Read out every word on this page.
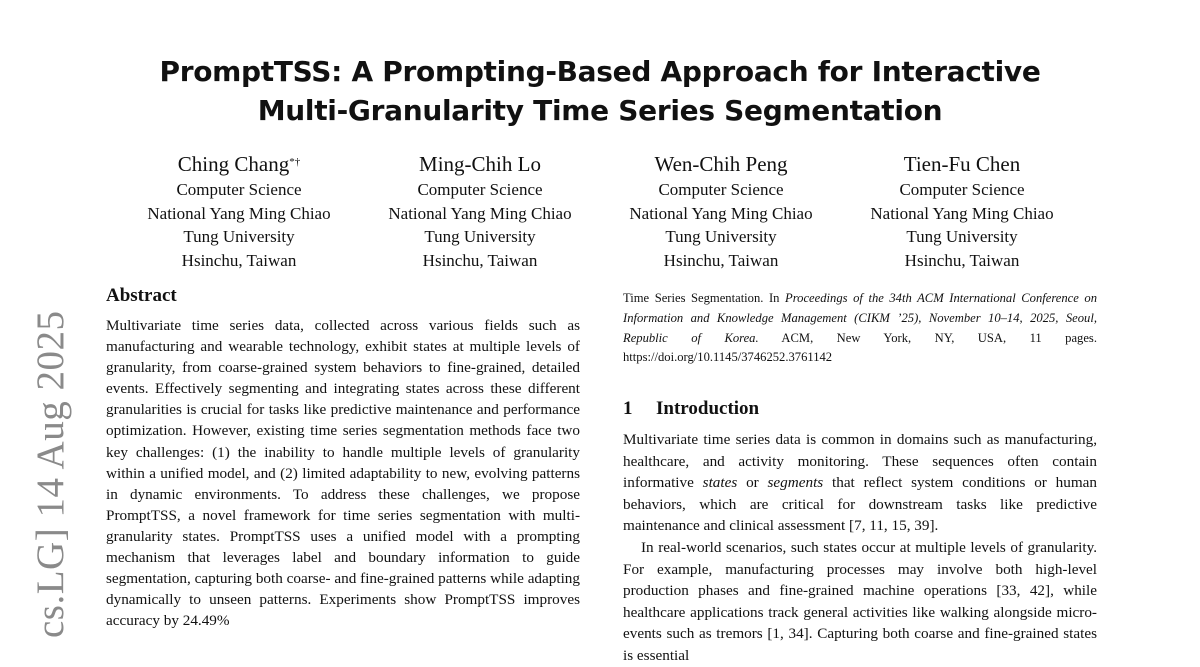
PromptTSS: A Prompting-Based Approach for Interactive
Multi-Granularity Time Series Segmentation
Ching Chang*†
Computer Science
National Yang Ming Chiao
Tung University
Hsinchu, Taiwan
Ming-Chih Lo
Computer Science
National Yang Ming Chiao
Tung University
Hsinchu, Taiwan
Wen-Chih Peng
Computer Science
National Yang Ming Chiao
Tung University
Hsinchu, Taiwan
Tien-Fu Chen
Computer Science
National Yang Ming Chiao
Tung University
Hsinchu, Taiwan
cs.LG] 14 Aug 2025
Abstract
Multivariate time series data, collected across various fields such as manufacturing and wearable technology, exhibit states at multiple levels of granularity, from coarse-grained system behaviors to fine-grained, detailed events. Effectively segmenting and integrating states across these different granularities is crucial for tasks like predictive maintenance and performance optimization. However, existing time series segmentation methods face two key challenges: (1) the inability to handle multiple levels of granularity within a unified model, and (2) limited adaptability to new, evolving patterns in dynamic environments. To address these challenges, we propose PromptTSS, a novel framework for time series segmentation with multi-granularity states. PromptTSS uses a unified model with a prompting mechanism that leverages label and boundary information to guide segmentation, capturing both coarse- and fine-grained patterns while adapting dynamically to unseen patterns. Experiments show PromptTSS improves accuracy by 24.49%
Time Series Segmentation. In Proceedings of the 34th ACM International Conference on Information and Knowledge Management (CIKM ’25), November 10–14, 2025, Seoul, Republic of Korea. ACM, New York, NY, USA, 11 pages. https://doi.org/10.1145/3746252.3761142
1 Introduction

Multivariate time series data is common in domains such as manufacturing, healthcare, and activity monitoring. These sequences often contain informative states or segments that reflect system conditions or human behaviors, which are critical for downstream tasks like predictive maintenance and clinical assessment [7, 11, 15, 39].

In real-world scenarios, such states occur at multiple levels of granularity. For example, manufacturing processes may involve both high-level production phases and fine-grained machine operations [33, 42], while healthcare applications track general activities like walking alongside micro-events such as tremors [1, 34]. Capturing both coarse and fine-grained states is essential
